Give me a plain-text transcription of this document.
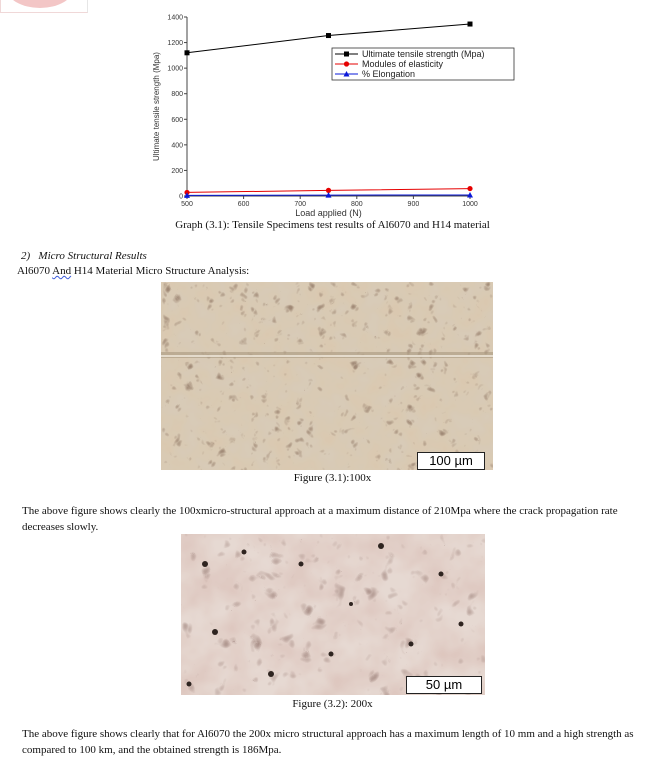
0
200
400
600
800
1000
1200
1400
500	600	700	800	900	1000
Ultimate tensile strength (Mpa)
Load applied (N)
Ultimate tensile strength (Mpa)
Modules of elasticity
% Elongation
Graph (3.1): Tensile Specimens test results of Al6070 and H14 material
2) Micro Structural Results
Al6070 And H14 Material Micro Structure Analysis:
100 µm
Figure (3.1):100x
The above figure shows clearly the 100xmicro-structural approach at a maximum distance of 210Mpa where the crack propagation rate decreases slowly.
50 µm
Figure (3.2): 200x
The above figure shows clearly that for Al6070 the 200x micro structural approach has a maximum length of 10 mm and a high strength as compared to 100 km, and the obtained strength is 186Mpa.
